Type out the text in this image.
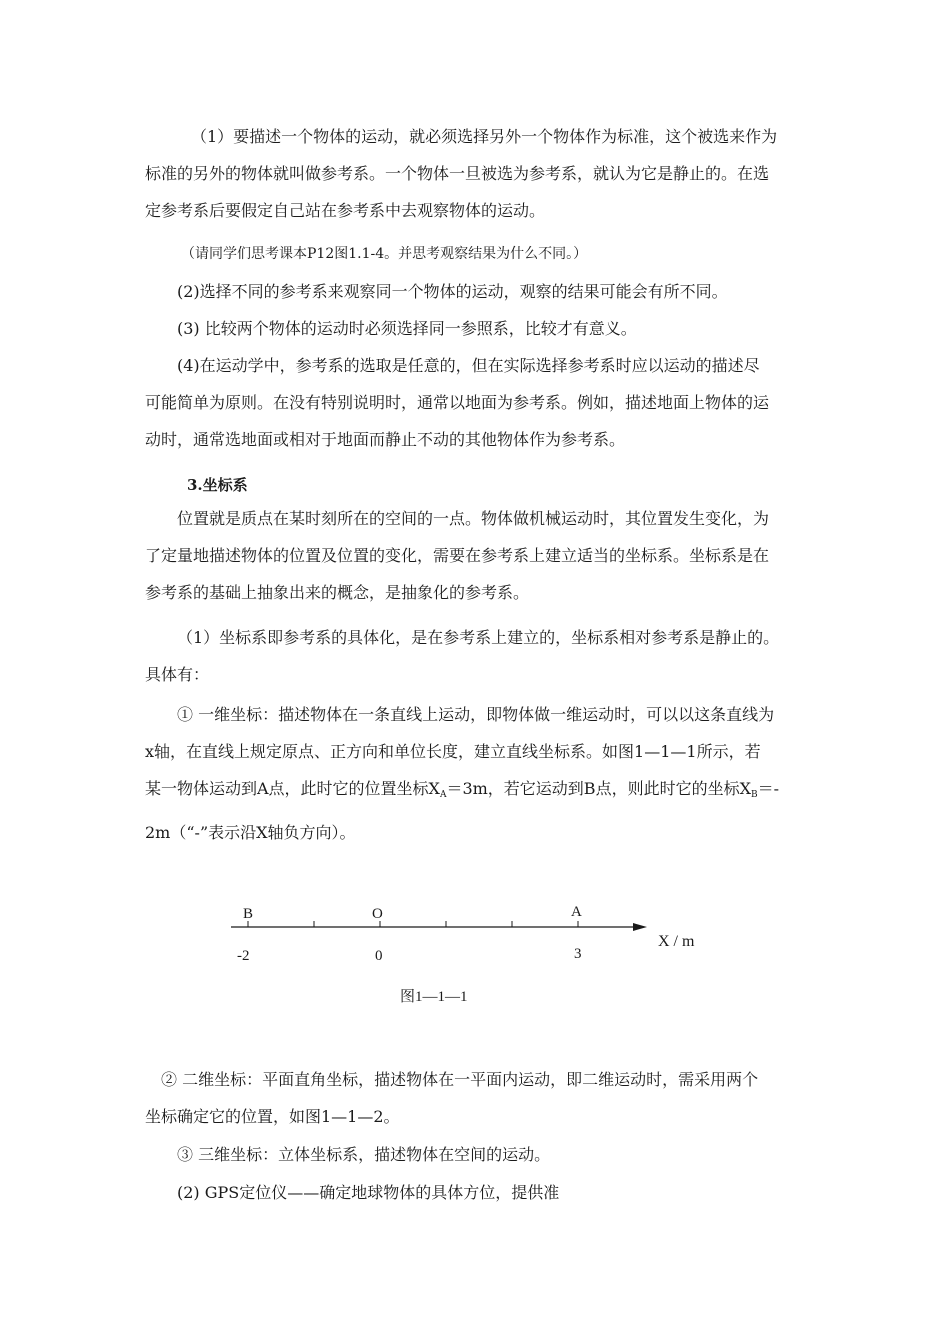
（1）要描述一个物体的运动，就必须选择另外一个物体作为标准，这个被选来作为
标准的另外的物体就叫做参考系。一个物体一旦被选为参考系，就认为它是静止的。在选
定参考系后要假定自己站在参考系中去观察物体的运动。
（请同学们思考课本P12图1.1-4。并思考观察结果为什么不同。）
(2)选择不同的参考系来观察同一个物体的运动，观察的结果可能会有所不同。
(3) 比较两个物体的运动时必须选择同一参照系，比较才有意义。
(4)在运动学中，参考系的选取是任意的，但在实际选择参考系时应以运动的描述尽
可能简单为原则。在没有特别说明时，通常以地面为参考系。例如，描述地面上物体的运
动时，通常选地面或相对于地面而静止不动的其他物体作为参考系。
3.坐标系
位置就是质点在某时刻所在的空间的一点。物体做机械运动时，其位置发生变化，为
了定量地描述物体的位置及位置的变化，需要在参考系上建立适当的坐标系。坐标系是在
参考系的基础上抽象出来的概念，是抽象化的参考系。
（1）坐标系即参考系的具体化，是在参考系上建立的，坐标系相对参考系是静止的。
具体有：
① 一维坐标：描述物体在一条直线上运动，即物体做一维运动时，可以以这条直线为
x轴，在直线上规定原点、正方向和单位长度，建立直线坐标系。如图1—1—1所示，若
某一物体运动到A点，此时它的位置坐标$X_A=3m$，若它运动到B点，则此时它的坐标$X_B=-$
2m（“-”表示沿X轴负方向）。
B	O	A
X / m
-2	0	3
图1—1—1
② 二维坐标：平面直角坐标，描述物体在一平面内运动，即二维运动时，需采用两个
坐标确定它的位置，如图1—1—2。
③ 三维坐标：立体坐标系，描述物体在空间的运动。
(2) GPS定位仪——确定地球物体的具体方位，提供准
